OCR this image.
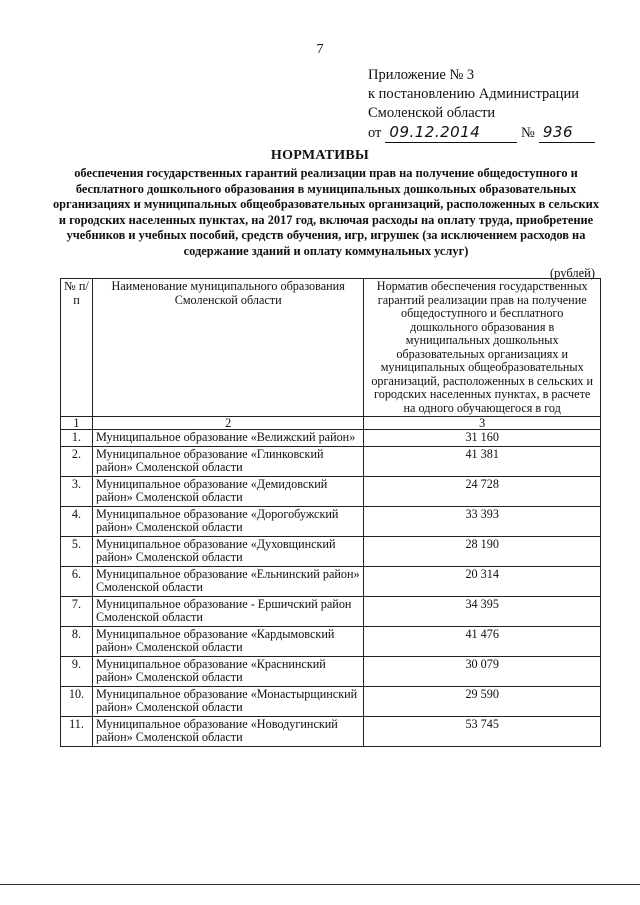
7
Приложение № 3
к постановлению Администрации
Смоленской области
от 09.12.2014	№ 936
НОРМАТИВЫ
обеспечения государственных гарантий реализации прав на получение общедоступного и бесплатного дошкольного образования в муниципальных дошкольных образовательных организациях и муниципальных общеобразовательных организаций, расположенных в сельских и городских населенных пунктах, на 2017 год, включая расходы на оплату труда, приобретение учебников и учебных пособий, средств обучения, игр, игрушек (за исключением расходов на содержание зданий и оплату коммунальных услуг)
(рублей)
№ п/п	Наименование муниципального образования Смоленской области	Норматив обеспечения государственных гарантий реализации прав на получение общедоступного и бесплатного дошкольного образования в муниципальных дошкольных образовательных организациях и муниципальных общеобразовательных организаций, расположенных в сельских и городских населенных пунктах, в расчете на одного обучающегося в год
1	2	3
1.	Муниципальное образование «Велижский район»	31 160
2.	Муниципальное образование «Глинковский район» Смоленской области	41 381
3.	Муниципальное образование «Демидовский район» Смоленской области	24 728
4.	Муниципальное образование «Дорогобужский район» Смоленской области	33 393
5.	Муниципальное образование «Духовщинский район» Смоленской области	28 190
6.	Муниципальное образование «Ельнинский район» Смоленской области	20 314
7.	Муниципальное образование - Ершичский район Смоленской области	34 395
8.	Муниципальное образование «Кардымовский район» Смоленской области	41 476
9.	Муниципальное образование «Краснинский район» Смоленской области	30 079
10.	Муниципальное образование «Монастырщинский район» Смоленской области	29 590
11.	Муниципальное образование «Новодугинский район» Смоленской области	53 745
